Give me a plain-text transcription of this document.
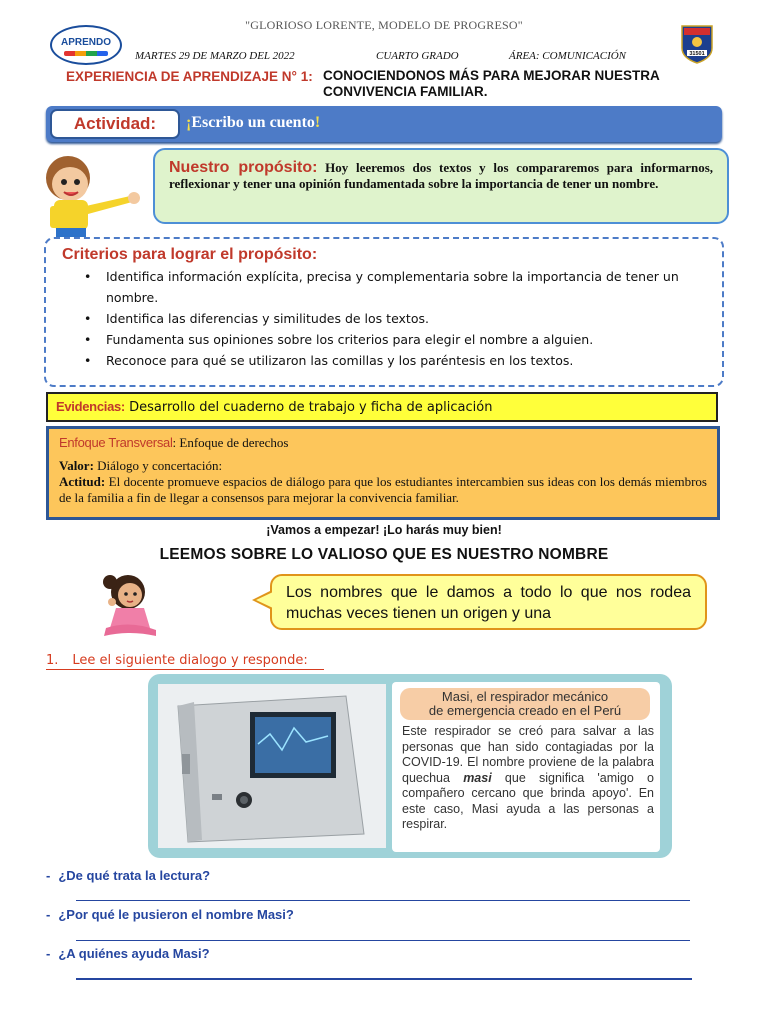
"GLORIOSO LORENTE, MODELO DE PROGRESO"
APRENDO
31501
MARTES 29 DE MARZO DEL 2022	CUARTO GRADO	ÁREA: COMUNICACIÓN
EXPERIENCIA DE APRENDIZAJE N° 1: CONOCIENDONOS MÁS PARA MEJORAR NUESTRA CONVIVENCIA FAMILIAR.
Actividad:	¡Escribo un cuento!
Nuestro propósito: Hoy leeremos dos textos y los compararemos para informarnos, reflexionar y tener una opinión fundamentada sobre la importancia de tener un nombre.
Criterios para lograr el propósito:
• Identifica información explícita, precisa y complementaria sobre la importancia de tener un nombre.
• Identifica las diferencias y similitudes de los textos.
• Fundamenta sus opiniones sobre los criterios para elegir el nombre a alguien.
• Reconoce para qué se utilizaron las comillas y los paréntesis en los textos.
Evidencias: Desarrollo del cuaderno de trabajo y ficha de aplicación
Enfoque Transversal: Enfoque de derechos
Valor: Diálogo y concertación:
Actitud: El docente promueve espacios de diálogo para que los estudiantes intercambien sus ideas con los demás miembros de la familia a fin de llegar a consensos para mejorar la convivencia familiar.
¡Vamos a empezar! ¡Lo harás muy bien!
LEEMOS SOBRE LO VALIOSO QUE ES NUESTRO NOMBRE
Los nombres que le damos a todo lo que nos rodea muchas veces tienen un origen y una
1. Lee el siguiente dialogo y responde:
Masi, el respirador mecánico
de emergencia creado en el Perú
Este respirador se creó para salvar a las personas que han sido contagiadas por la COVID-19. El nombre proviene de la palabra quechua masi que significa 'amigo o compañero cercano que brinda apoyo'. En este caso, Masi ayuda a las personas a respirar.
- ¿De qué trata la lectura?
- ¿Por qué le pusieron el nombre Masi?
- ¿A quiénes ayuda Masi?
